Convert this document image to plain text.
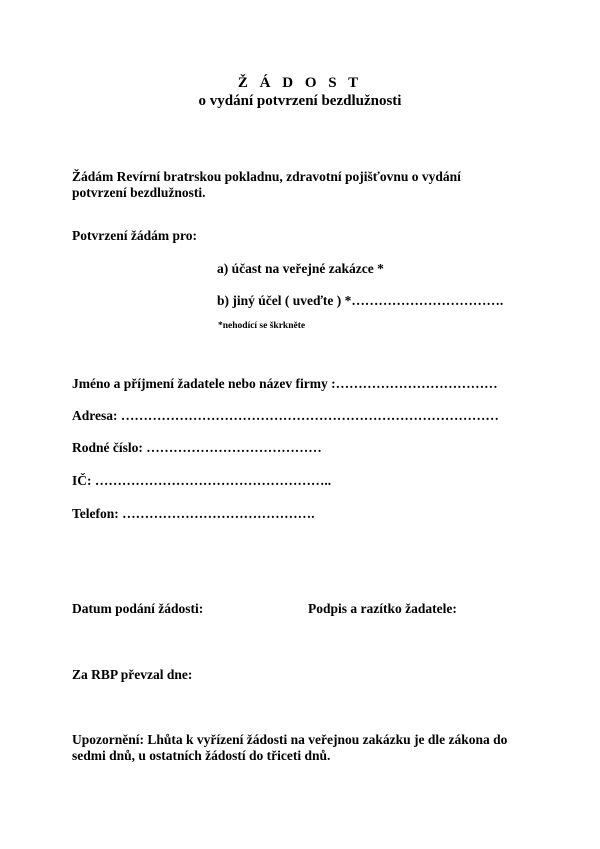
Ž Á D O S T
o vydání potvrzení bezdlužnosti
Žádám Revírní bratrskou pokladnu, zdravotní pojišťovnu o vydání
potvrzení bezdlužnosti.
Potvrzení žádám pro:
a) účast na veřejné zakázce *
b) jiný účel ( uveďte ) *…………………………….
*nehodící se škrkněte
Jméno a příjmení žadatele nebo název firmy :………………………………
Adresa: …………………………………………………………………………
Rodné číslo: …………………………………
IČ: ……………………………………………..
Telefon: …………………………………….
Datum podání žádosti:	Podpis a razítko žadatele:
Za RBP převzal dne:
Upozornění: Lhůta k vyřízení žádosti na veřejnou zakázku je dle zákona do
sedmi dnů, u ostatních žádostí do třiceti dnů.
